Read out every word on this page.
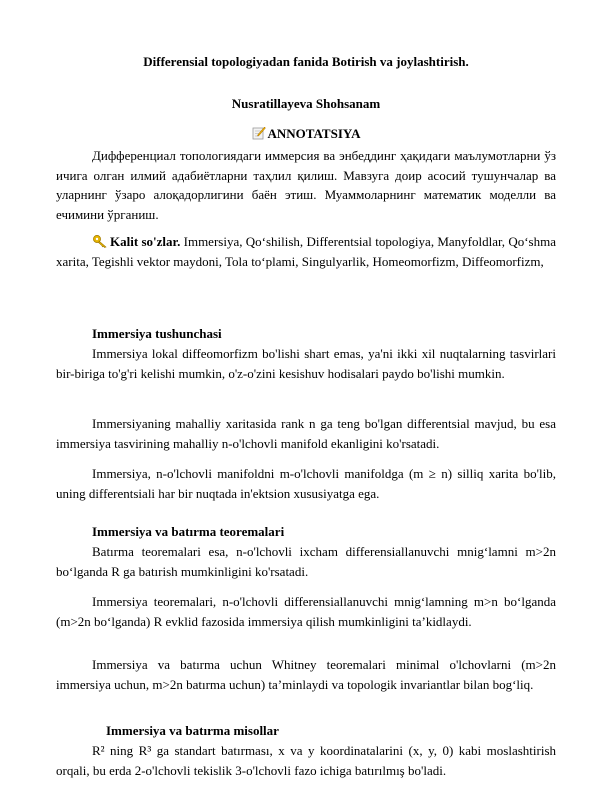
Differensial topologiyadan fanida Botirish va joylashtirish.
Nusratillayeva Shohsanam
ANNOTATSIYA
Дифференциал тополoгиядаги иммерсия ва энбеддинг ҳақидаги маълумотларни ўз ичига олган илмий адабиётларни таҳлил қилиш. Мавзуга доир асосий тушунчалар ва уларнинг ўзаро алоқадорлигини баён этиш. Муаммоларнинг математик моделли ва ечимини ўрганиш.
Kalit so'zlar. Immersiya, Qo‘shilish, Differentsial topologiya, Manyfoldlar, Qo‘shma xarita, Tegishli vektor maydoni, Tola to‘plami, Singulyarlik, Homeomorfizm, Diffeomorfizm,
Immersiya tushunchasi
Immersiya lokal diffeomorfizm bo'lishi shart emas, ya'ni ikki xil nuqtalarning tasvirlari bir-biriga to'g'ri kelishi mumkin, o'z-o'zini kesishuv hodisalari paydo bo'lishi mumkin.
Immersiyaning mahalliy xaritasida rank n ga teng bo'lgan differentsial mavjud, bu esa immersiya tasvirining mahalliy n-o'lchovli manifold ekanligini ko'rsatadi.
Immersiya, n-o'lchovli manifoldni m-o'lchovli manifoldga (m ≥ n) silliq xarita bo'lib, uning differentsiali har bir nuqtada in'ektsion xususiyatga ega.
Immersiya va batırma teoremalari
Batırma teoremalari esa, n-o'lchovli ixcham differensiallanuvchi mnig‘lamni m>2n bo‘lganda R ga batırish mumkinligini ko'rsatadi.
Immersiya teoremalari, n-o'lchovli differensiallanuvchi mnig‘lamning m>n bo‘lganda (m>2n bo‘lganda) R evklid fazosida immersiya qilish mumkinligini ta’kidlaydi.
Immersiya va batırma uchun Whitney teoremalari minimal o'lchovlarni (m>2n immersiya uchun, m>2n batırma uchun) ta’minlaydi va topologik invariantlar bilan bog‘liq.
Immersiya va batırma misollar
R² ning R³ ga standart batırması, x va y koordinatalarini (x, y, 0) kabi moslashtirish orqali, bu erda 2-o'lchovli tekislik 3-o'lchovli fazo ichiga batırılmış bo'ladi.
